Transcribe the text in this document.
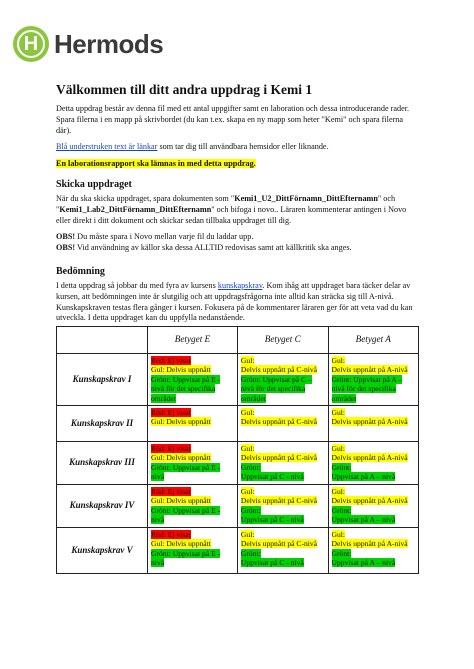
H Hermods
Välkommen till ditt andra uppdrag i Kemi 1

Detta uppdrag består av denna fil med ett antal uppgifter samt en laboration och dessa introducerande rader. Spara filerna i en mapp på skrivbordet (du kan t.ex. skapa en ny mapp som heter "Kemi" och spara filerna där).

Blå understruken text är länkar som tar dig till användbara hemsidor eller liknande.

En laborationsrapport ska lämnas in med detta uppdrag.

Skicka uppdraget

När du ska skicka uppdraget, spara dokumenten som "Kemi1_U2_DittFörnamn_DittEfternamn" och "Kemi1_Lab2_DittFörnamn_DittEfternamn" och bifoga i novo.. Läraren kommenterar antingen i Novo eller direkt i ditt dokument och skickar sedan tillbaka uppdraget till dig.

OBS! Du måste spara i Novo mellan varje fil du laddar upp.
OBS! Vid användning av källor ska dessa ALLTID redovisas samt att källkritik ska anges.

Bedömning

I detta uppdrag så jobbar du med fyra av kursens kunskapskrav. Kom ihåg att uppdraget bara täcker delar av kursen, att bedömningen inte är slutgilig och att uppdragsfrågorna inte alltid kan sträcka sig till A-nivå. Kunskapskraven testas flera gånger i kursen. Fokusera på de kommentarer läraren ger för att veta vad du kan utveckla. I detta uppdraget kan du uppfylla nedanstående.

	Betyget E	Betyget C	Betyget A
Kunskapskrav I	Röd: Ej visat
Gul: Delvis uppnått
Grönt: Uppvisat på E - nivå för det specifika området	Gul:
Delvis uppnått på C-nivå
Grönt: Uppvisat på C – nivå för det specifika området	Gul:
Delvis uppnått på A-nivå
Grönt: Uppvisat på A – nivå för det specifika området
Kunskapskrav II	Röd: Ej visat
Gul: Delvis uppnått	Gul:
Delvis uppnått på C-nivå	Gul:
Delvis uppnått på A-nivå
Kunskapskrav III	Röd: Ej visat
Gul: Delvis uppnått
Grönt: Uppvisat på E - nivå	Gul:
Delvis uppnått på C-nivå
Grönt:
Uppvisat på C - nivå	Gul:
Delvis uppnått på A-nivå
Grönt:
Uppvisat på A – nivå
Kunskapskrav IV	Röd: Ej visat
Gul: Delvis uppnått
Grönt: Uppvisat på E - nivå	Gul:
Delvis uppnått på C-nivå
Grönt:
Uppvisat på C - nivå	Gul:
Delvis uppnått på A-nivå
Grönt:
Uppvisat på A – nivå
Kunskapskrav V	Röd: Ej visat
Gul: Delvis uppnått
Grönt: Uppvisat på E - nivå	Gul:
Delvis uppnått på C-nivå
Grönt:
Uppvisat på C - nivå	Gul:
Delvis uppnått på A-nivå
Grönt:
Uppvisat på A – nivå
